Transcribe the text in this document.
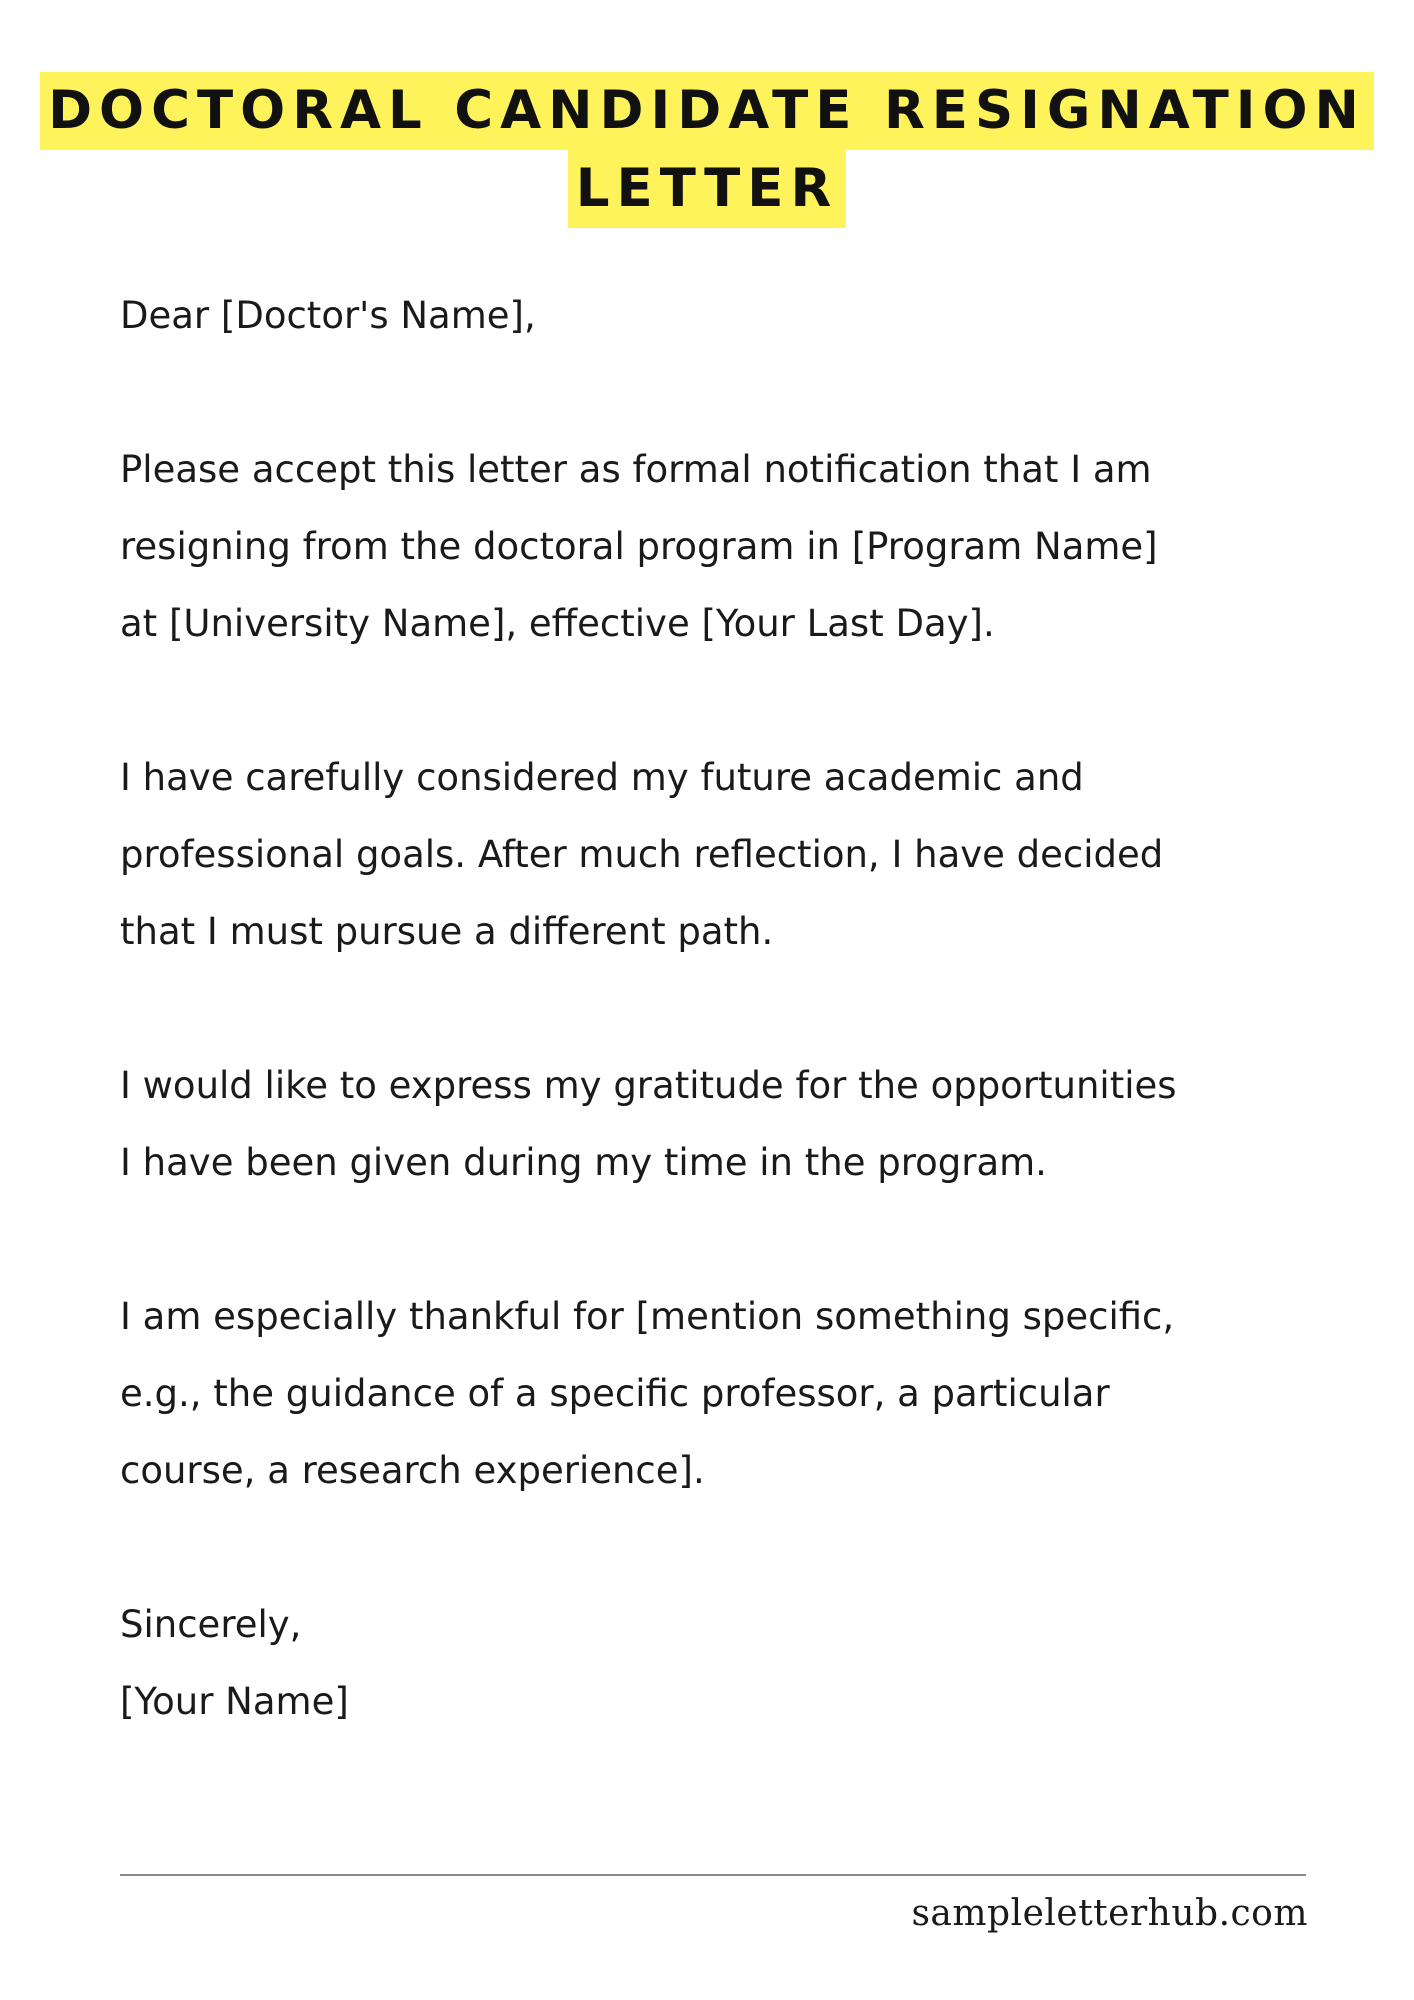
DOCTORAL CANDIDATE RESIGNATION
LETTER

Dear [Doctor's Name],

Please accept this letter as formal notification that I am
resigning from the doctoral program in [Program Name]
at [University Name], effective [Your Last Day].

I have carefully considered my future academic and
professional goals. After much reflection, I have decided
that I must pursue a different path.

I would like to express my gratitude for the opportunities
I have been given during my time in the program.

I am especially thankful for [mention something specific,
e.g., the guidance of a specific professor, a particular
course, a research experience].

Sincerely,
[Your Name]

sampleletterhub.com
